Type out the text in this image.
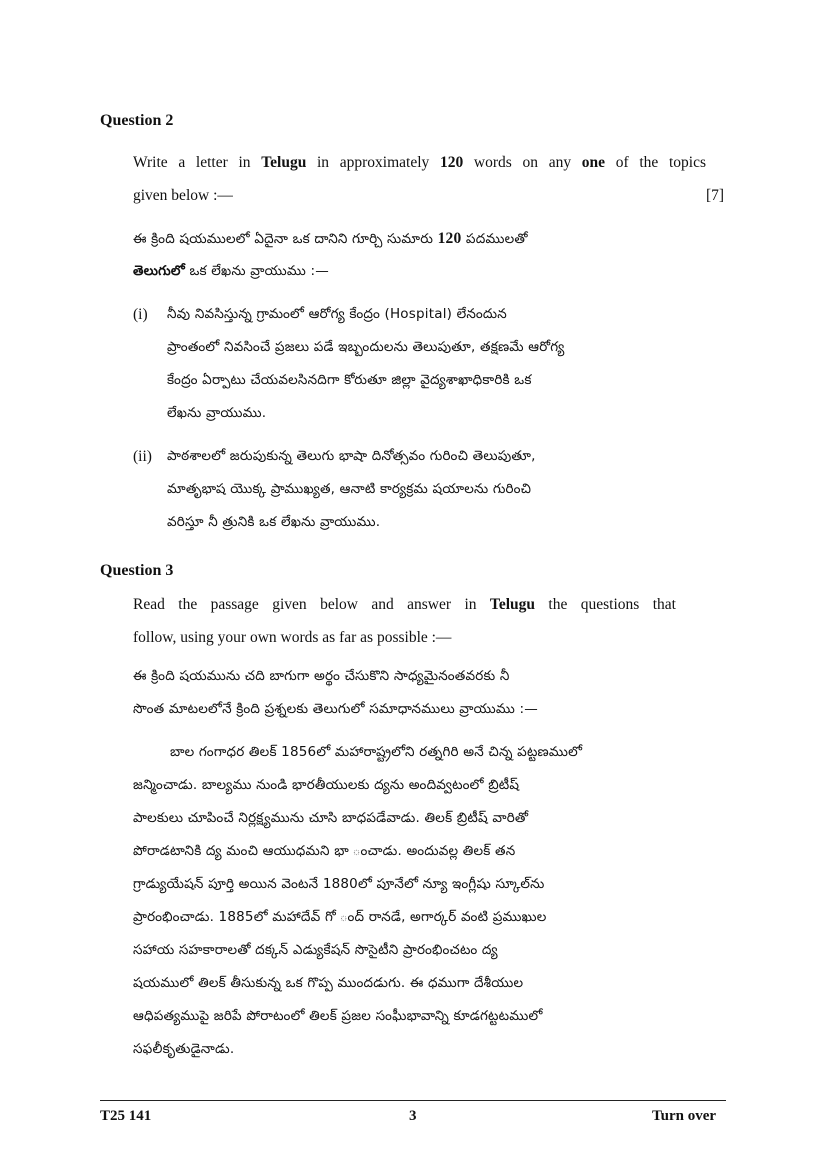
Question 2
Write a letter in Telugu in approximately 120 words on any one of the topics
given below :—	[7]
ఈ క్రింది షయములలో ఏదైనా ఒక దానిని గూర్చి సుమారు 120 పదములతో
తెలుగులో ఒక లేఖను వ్రాయుము :—
(i) నీవు నివసిస్తున్న గ్రామంలో ఆరోగ్య కేంద్రం (Hospital) లేనందున
ప్రాంతంలో నివసించే ప్రజలు పడే ఇబ్బందులను తెలుపుతూ, తక్షణమే ఆరోగ్య
కేంద్రం ఏర్పాటు చేయవలసినదిగా కోరుతూ జిల్లా వైద్యశాఖాధికారికి ఒక
లేఖను వ్రాయుము.
(ii) పాఠశాలలో జరుపుకున్న తెలుగు భాషా దినోత్సవం గురించి తెలుపుతూ,
మాతృభాష యొక్క ప్రాముఖ్యత, ఆనాటి కార్యక్రమ షయాలను గురించి
వరిస్తూ నీ త్రునికి ఒక లేఖను వ్రాయుము.
Question 3
Read the passage given below and answer in Telugu the questions that
follow, using your own words as far as possible :—
ఈ క్రింది షయమును చది బాగుగా అర్థం చేసుకొని సాధ్యమైనంతవరకు నీ
సొంత మాటలలోనే క్రింది ప్రశ్నలకు తెలుగులో సమాధానములు వ్రాయుము :—
బాల గంగాధర తిలక్ 1856లో మహారాష్ట్రలోని రత్నగిరి అనే చిన్న పట్టణములో
జన్మించాడు. బాల్యము నుండి భారతీయులకు ద్యను అందివ్వటంలో బ్రిటీష్
పాలకులు చూపించే నిర్లక్ష్యమును చూసి బాధపడేవాడు. తిలక్ బ్రిటీష్ వారితో
పోరాడటానికి ద్య మంచి ఆయుధమని భా ంచాడు. అందువల్ల తిలక్ తన
గ్రాడ్యుయేషన్ పూర్తి అయిన వెంటనే 1880లో పూనేలో న్యూ ఇంగ్లీషు స్కూల్‌ను
ప్రారంభించాడు. 1885లో మహాదేవ్ గో ంద్ రానడే, అగార్కర్ వంటి ప్రముఖుల
సహాయ సహకారాలతో దక్కన్ ఎడ్యుకేషన్ సొసైటీని ప్రారంభించటం ద్య
షయములో తిలక్ తీసుకున్న ఒక గొప్ప ముందడుగు. ఈ ధముగా దేశీయుల
ఆధిపత్యముపై జరిపే పోరాటంలో తిలక్ ప్రజల సంఘీభావాన్ని కూడగట్టటములో
సఫలీకృతుడైనాడు.
T25 141	3	Turn over
